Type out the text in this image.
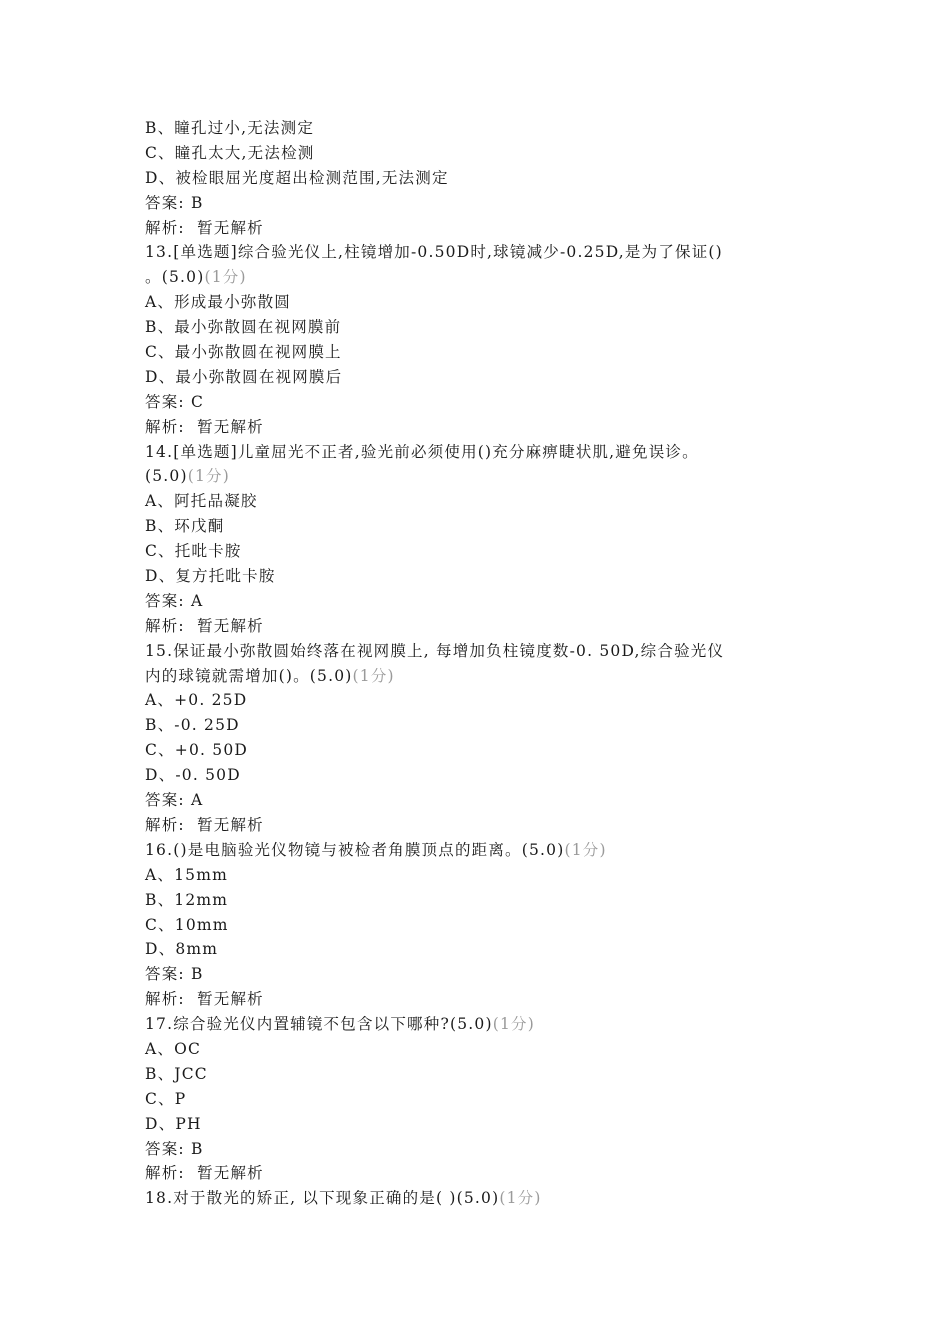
B、瞳孔过小,无法测定
C、瞳孔太大,无法检测
D、被检眼屈光度超出检测范围,无法测定
答案: B
解析:  暂无解析
13.[单选题]综合验光仪上,柱镜增加-0.50D时,球镜减少-0.25D,是为了保证()
。(5.0)(1分)
A、形成最小弥散圆
B、最小弥散圆在视网膜前
C、最小弥散圆在视网膜上
D、最小弥散圆在视网膜后
答案: C
解析:  暂无解析
14.[单选题]儿童屈光不正者,验光前必须使用()充分麻痹睫状肌,避免误诊。
(5.0)(1分)
A、阿托品凝胶
B、环戊酮
C、托吡卡胺
D、复方托吡卡胺
答案: A
解析:  暂无解析
15.保证最小弥散圆始终落在视网膜上, 每增加负柱镜度数-0. 50D,综合验光仪
内的球镜就需增加()。(5.0)(1分)
A、+0. 25D
B、-0. 25D
C、+0. 50D
D、-0. 50D
答案: A
解析:  暂无解析
16.()是电脑验光仪物镜与被检者角膜顶点的距离。(5.0)(1分)
A、15mm
B、12mm
C、10mm
D、8mm
答案: B
解析:  暂无解析
17.综合验光仪内置辅镜不包含以下哪种?(5.0)(1分)
A、OC
B、JCC
C、P
D、PH
答案: B
解析:  暂无解析
18.对于散光的矫正, 以下现象正确的是( )(5.0)(1分)
